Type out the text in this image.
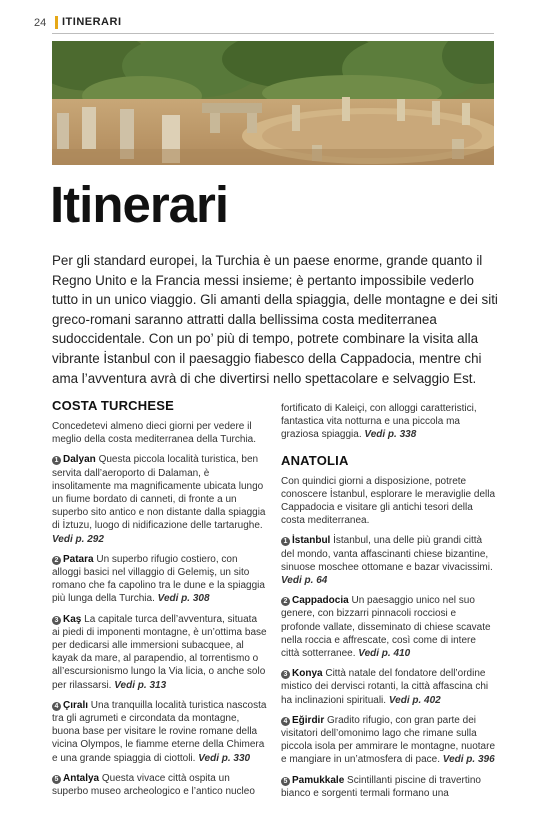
24 ITINERARI
Itinerari

Per gli standard europei, la Turchia è un paese enorme, grande quanto il Regno Unito e la Francia messi insieme; è pertanto impossibile vederlo tutto in un unico viaggio. Gli amanti della spiaggia, delle montagne e dei siti greco-romani saranno attratti dalla bellissima costa mediterranea sudoccidentale. Con un po’ più di tempo, potrete combinare la visita alla vibrante İstanbul con il paesaggio fiabesco della Cappadocia, mentre chi ama l’avventura avrà di che divertirsi nello spettacolare e selvaggio Est.

COSTA TURCHESE

Concedetevi almeno dieci giorni per vedere il meglio della costa mediterranea della Turchia.

1 Dalyan Questa piccola località turistica, ben servita dall’aeroporto di Dalaman, è insolitamente ma magnificamente ubicata lungo un fiume bordato di canneti, di fronte a un superbo sito antico e non distante dalla spiaggia di İztuzu, luogo di nidificazione delle tartarughe. Vedi p. 292

2 Patara Un superbo rifugio costiero, con alloggi basici nel villaggio di Gelemiş, un sito romano che fa capolino tra le dune e la spiaggia più lunga della Turchia. Vedi p. 308

3 Kaş La capitale turca dell’avventura, situata ai piedi di imponenti montagne, è un’ottima base per dedicarsi alle immersioni subacquee, al kayak da mare, al parapendio, al torrentismo o all’escursionismo lungo la Via licia, o anche solo per rilassarsi. Vedi p. 313

4 Çıralı Una tranquilla località turistica nascosta tra gli agrumeti e circondata da montagne, buona base per visitare le rovine romane della vicina Olympos, le fiamme eterne della Chimera e una grande spiaggia di ciottoli. Vedi p. 330

5 Antalya Questa vivace città ospita un superbo museo archeologico e l’antico nucleo

fortificato di Kaleiçi, con alloggi caratteristici, fantastica vita notturna e una piccola ma graziosa spiaggia. Vedi p. 338

ANATOLIA

Con quindici giorni a disposizione, potrete conoscere İstanbul, esplorare le meraviglie della Cappadocia e visitare gli antichi tesori della costa mediterranea.

1 İstanbul İstanbul, una delle più grandi città del mondo, vanta affascinanti chiese bizantine, sinuose moschee ottomane e bazar vivacissimi. Vedi p. 64

2 Cappadocia Un paesaggio unico nel suo genere, con bizzarri pinnacoli rocciosi e profonde vallate, disseminato di chiese scavate nella roccia e affrescate, così come di intere città sotterranee. Vedi p. 410

3 Konya Città natale del fondatore dell’ordine mistico dei dervisci rotanti, la città affascina chi ha inclinazioni spirituali. Vedi p. 402

4 Eğirdir Gradito rifugio, con gran parte dei visitatori dell’omonimo lago che rimane sulla piccola isola per ammirare le montagne, nuotare e mangiare in un’atmosfera di pace. Vedi p. 396

5 Pamukkale Scintillanti piscine di travertino bianco e sorgenti termali formano una
